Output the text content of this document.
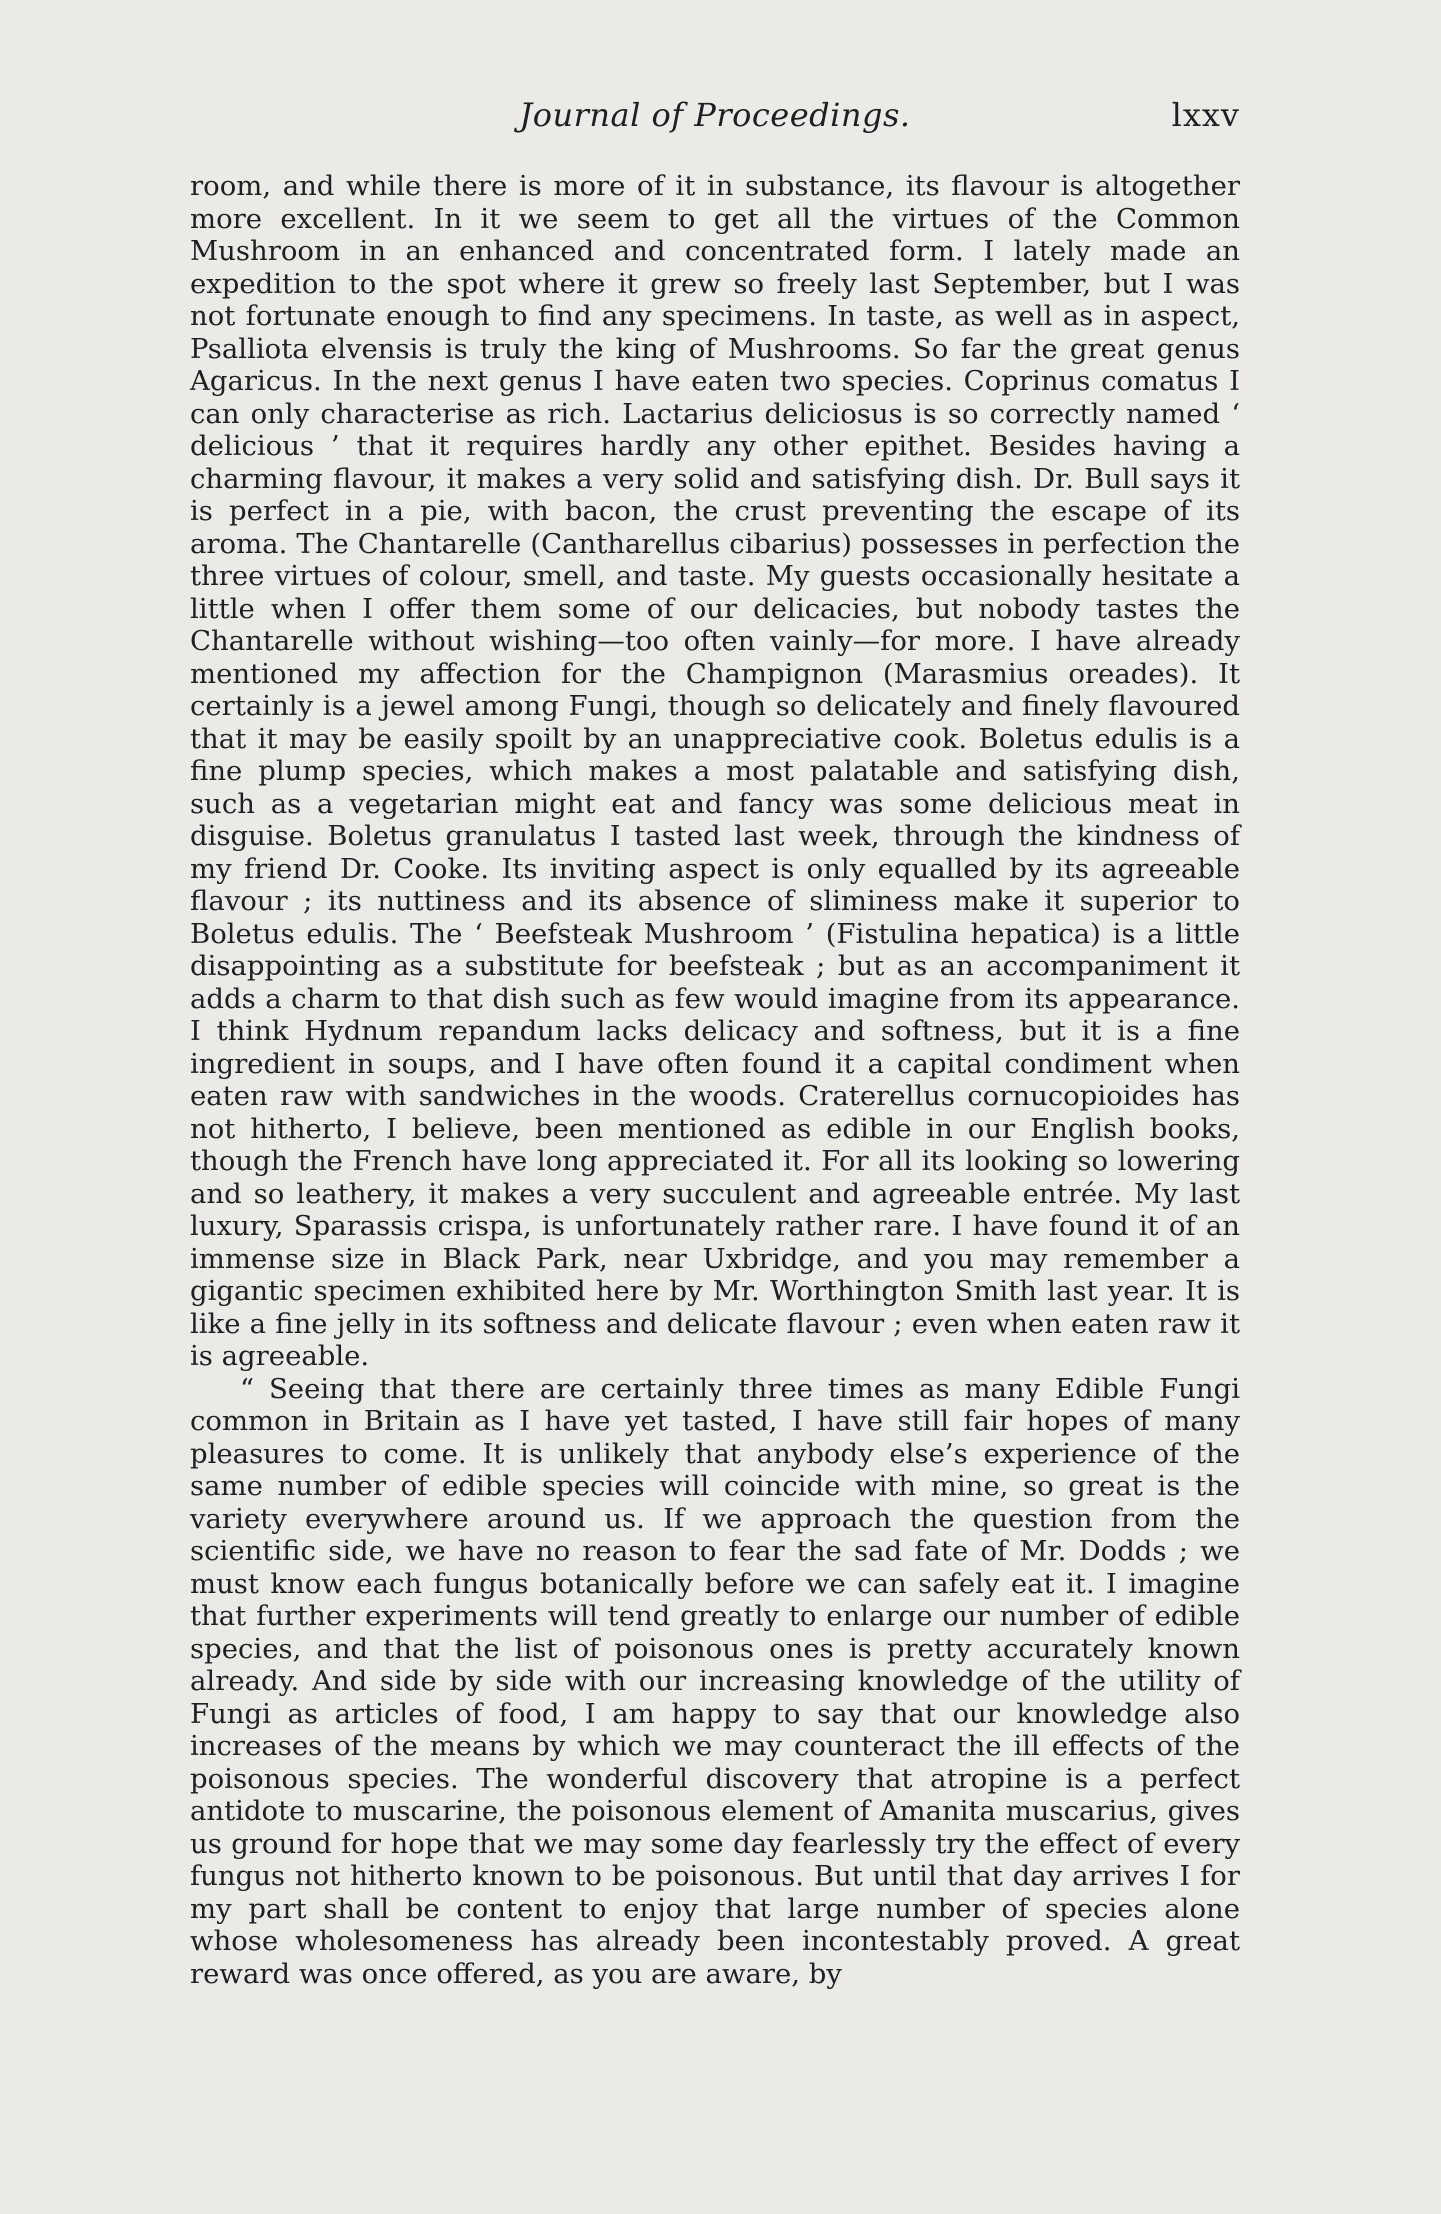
Journal of Proceedings.	lxxv

room, and while there is more of it in substance, its flavour is altogether more excellent. In it we seem to get all the virtues of the Common Mushroom in an enhanced and concentrated form. I lately made an expedition to the spot where it grew so freely last September, but I was not fortunate enough to find any specimens. In taste, as well as in aspect, Psalliota elvensis is truly the king of Mushrooms. So far the great genus Agaricus. In the next genus I have eaten two species. Coprinus comatus I can only characterise as rich. Lactarius deliciosus is so correctly named ‘ delicious ’ that it requires hardly any other epithet. Besides having a charming flavour, it makes a very solid and satisfying dish. Dr. Bull says it is perfect in a pie, with bacon, the crust preventing the escape of its aroma. The Chantarelle (Cantharellus cibarius) possesses in perfection the three virtues of colour, smell, and taste. My guests occasionally hesitate a little when I offer them some of our delicacies, but nobody tastes the Chantarelle without wishing—too often vainly—for more. I have already mentioned my affection for the Champignon (Marasmius oreades). It certainly is a jewel among Fungi, though so delicately and finely flavoured that it may be easily spoilt by an unappreciative cook. Boletus edulis is a fine plump species, which makes a most palatable and satisfying dish, such as a vegetarian might eat and fancy was some delicious meat in disguise. Boletus granulatus I tasted last week, through the kindness of my friend Dr. Cooke. Its inviting aspect is only equalled by its agreeable flavour ; its nuttiness and its absence of sliminess make it superior to Boletus edulis. The ‘ Beefsteak Mushroom ’ (Fistulina hepatica) is a little disappointing as a substitute for beefsteak ; but as an accompaniment it adds a charm to that dish such as few would imagine from its appearance. I think Hydnum repandum lacks delicacy and softness, but it is a fine ingredient in soups, and I have often found it a capital condiment when eaten raw with sandwiches in the woods. Craterellus cornucopioides has not hitherto, I believe, been mentioned as edible in our English books, though the French have long appreciated it. For all its looking so lowering and so leathery, it makes a very succulent and agreeable entrée. My last luxury, Sparassis crispa, is unfortunately rather rare. I have found it of an immense size in Black Park, near Uxbridge, and you may remember a gigantic specimen exhibited here by Mr. Worthington Smith last year. It is like a fine jelly in its softness and delicate flavour ; even when eaten raw it is agreeable.

“ Seeing that there are certainly three times as many Edible Fungi common in Britain as I have yet tasted, I have still fair hopes of many pleasures to come. It is unlikely that anybody else’s experience of the same number of edible species will coincide with mine, so great is the variety everywhere around us. If we approach the question from the scientific side, we have no reason to fear the sad fate of Mr. Dodds ; we must know each fungus botanically before we can safely eat it. I imagine that further experiments will tend greatly to enlarge our number of edible species, and that the list of poisonous ones is pretty accurately known already. And side by side with our increasing knowledge of the utility of Fungi as articles of food, I am happy to say that our knowledge also increases of the means by which we may counteract the ill effects of the poisonous species. The wonderful discovery that atropine is a perfect antidote to muscarine, the poisonous element of Amanita muscarius, gives us ground for hope that we may some day fearlessly try the effect of every fungus not hitherto known to be poisonous. But until that day arrives I for my part shall be content to enjoy that large number of species alone whose wholesomeness has already been incontestably proved. A great reward was once offered, as you are aware, by
